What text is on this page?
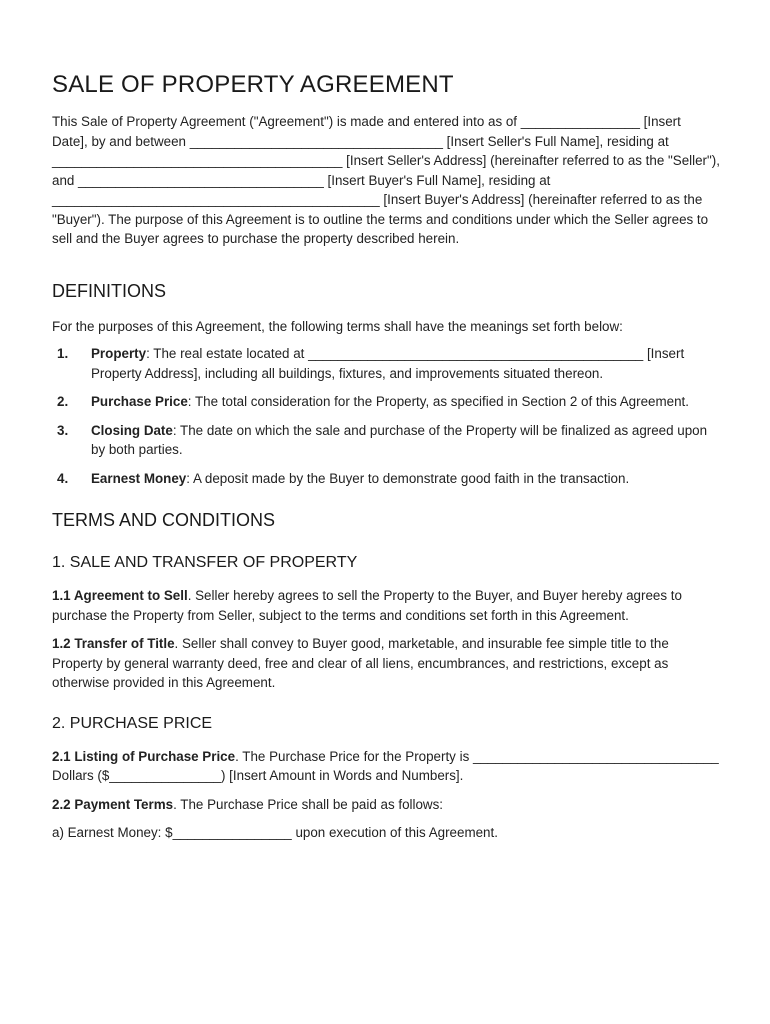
SALE OF PROPERTY AGREEMENT

This Sale of Property Agreement ("Agreement") is made and entered into as of ________________ [Insert Date], by and between __________________________________ [Insert Seller's Full Name], residing at _______________________________________ [Insert Seller's Address] (hereinafter referred to as the "Seller"), and _________________________________ [Insert Buyer's Full Name], residing at ____________________________________________ [Insert Buyer's Address] (hereinafter referred to as the "Buyer"). The purpose of this Agreement is to outline the terms and conditions under which the Seller agrees to sell and the Buyer agrees to purchase the property described herein.

DEFINITIONS

For the purposes of this Agreement, the following terms shall have the meanings set forth below:

1. Property: The real estate located at _____________________________________________ [Insert Property Address], including all buildings, fixtures, and improvements situated thereon.
2. Purchase Price: The total consideration for the Property, as specified in Section 2 of this Agreement.
3. Closing Date: The date on which the sale and purchase of the Property will be finalized as agreed upon by both parties.
4. Earnest Money: A deposit made by the Buyer to demonstrate good faith in the transaction.
TERMS AND CONDITIONS
1. SALE AND TRANSFER OF PROPERTY

1.1 Agreement to Sell. Seller hereby agrees to sell the Property to the Buyer, and Buyer hereby agrees to purchase the Property from Seller, subject to the terms and conditions set forth in this Agreement.

1.2 Transfer of Title. Seller shall convey to Buyer good, marketable, and insurable fee simple title to the Property by general warranty deed, free and clear of all liens, encumbrances, and restrictions, except as otherwise provided in this Agreement.

2. PURCHASE PRICE

2.1 Listing of Purchase Price. The Purchase Price for the Property is _________________________________ Dollars ($_______________) [Insert Amount in Words and Numbers].

2.2 Payment Terms. The Purchase Price shall be paid as follows:

a) Earnest Money: $________________ upon execution of this Agreement.
